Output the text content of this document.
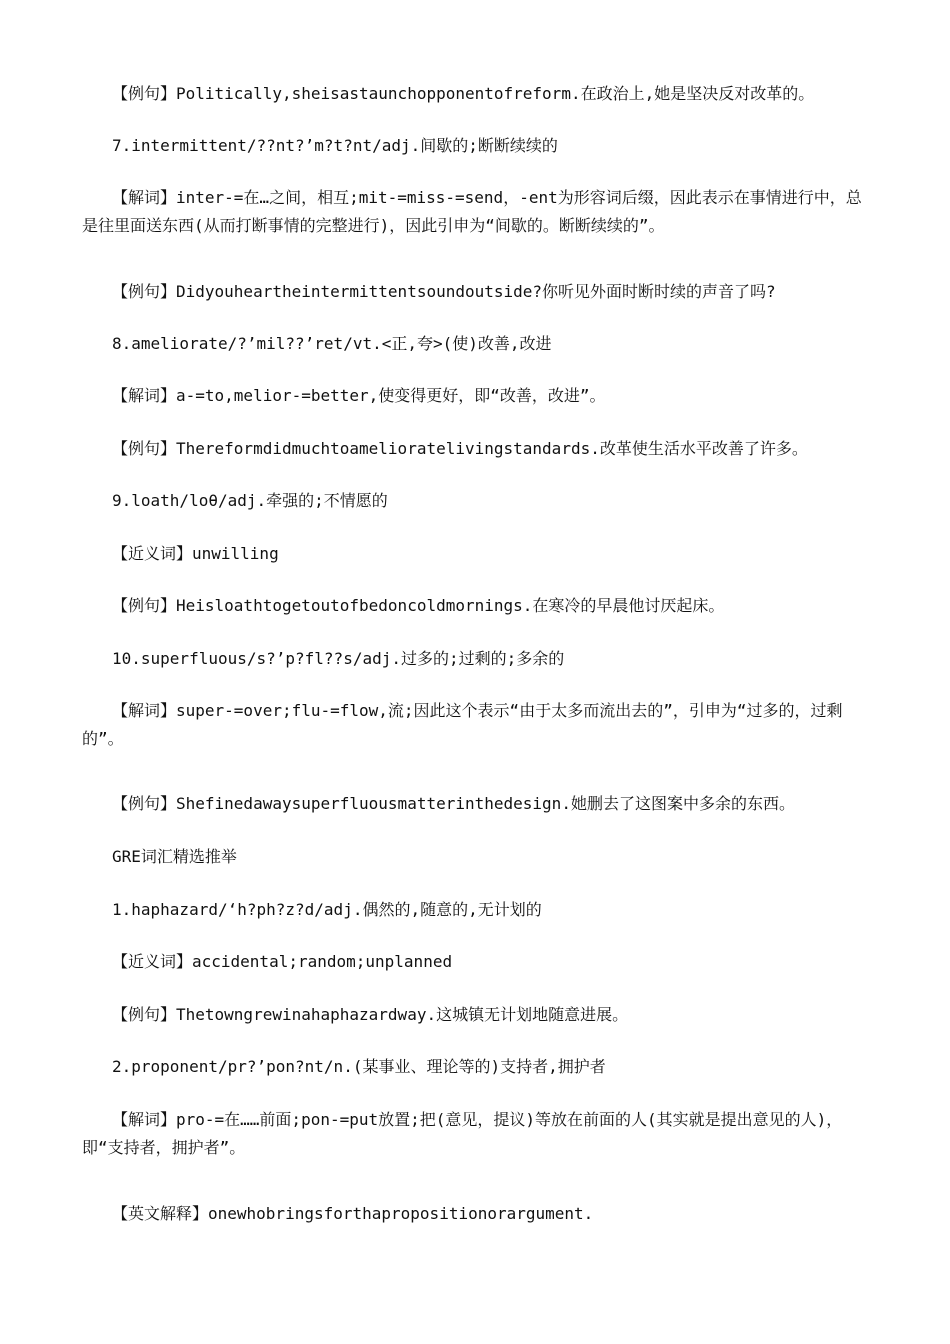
【例句】Politically,sheisastaunchopponentofreform.在政治上,她是坚决反对改革的。
7.intermittent/??nt?’m?t?nt/adj.间歇的;断断续续的
【解词】inter-=在…之间，相互;mit-=miss-=send，-ent为形容词后缀，因此表示在事情进行中，总是往里面送东西(从而打断事情的完整进行)，因此引申为“间歇的。断断续续的”。
【例句】Didyouheartheintermittentsoundoutside?你听见外面时断时续的声音了吗?
8.ameliorate/?’mil??’ret/vt.<正,夸>(使)改善,改进
【解词】a-=to,melior-=better,使变得更好，即“改善，改进”。
【例句】Thereformdidmuchtoamelioratelivingstandards.改革使生活水平改善了许多。
9.loath/loθ/adj.牵强的;不情愿的
【近义词】unwilling
【例句】Heisloathtogetoutofbedoncoldmornings.在寒冷的早晨他讨厌起床。
10.superfluous/s?’p?fl??s/adj.过多的;过剩的;多余的
【解词】super-=over;flu-=flow,流;因此这个表示“由于太多而流出去的”，引申为“过多的，过剩的”。
【例句】Shefinedawaysuperfluousmatterinthedesign.她删去了这图案中多余的东西。
GRE词汇精选推举
1.haphazard/‘h?ph?z?d/adj.偶然的,随意的,无计划的
【近义词】accidental;random;unplanned
【例句】Thetowngrewinahaphazardway.这城镇无计划地随意进展。
2.proponent/pr?’pon?nt/n.(某事业、理论等的)支持者,拥护者
【解词】pro-=在……前面;pon-=put放置;把(意见，提议)等放在前面的人(其实就是提出意见的人)，即“支持者，拥护者”。
【英文解释】onewhobringsforthapropositionorargument.
